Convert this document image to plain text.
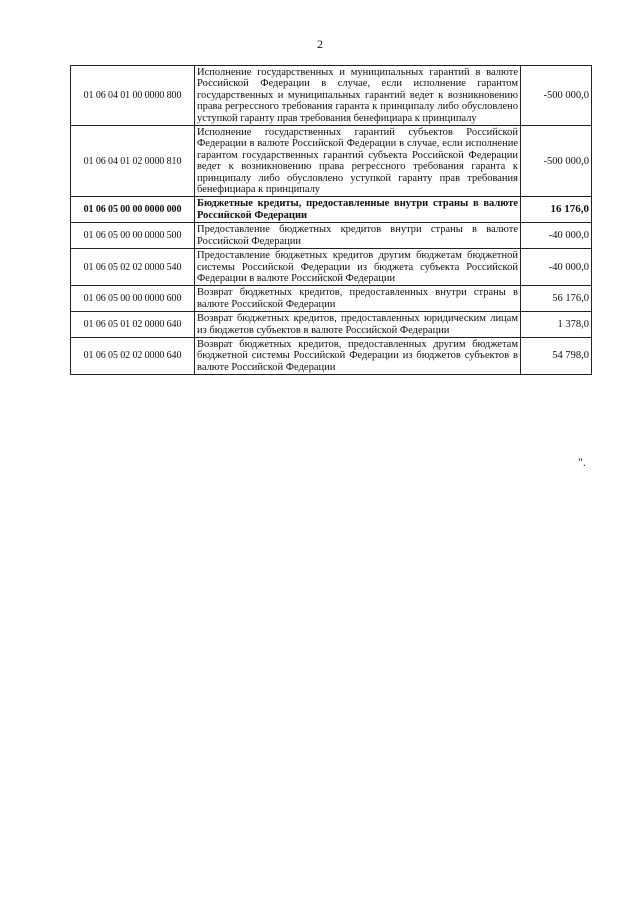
2
01 06 04 01 00 0000 800	Исполнение государственных и муниципальных гарантий в валюте Российской Федерации в случае, если исполнение гарантом государственных и муниципальных гарантий ведет к возникновению права регрессного требования гаранта к принципалу либо обусловлено уступкой гаранту прав требования бенефициара к принципалу	-500 000,0
01 06 04 01 02 0000 810	Исполнение государственных гарантий субъектов Российской Федерации в валюте Российской Федерации в случае, если исполнение гарантом государственных гарантий субъекта Российской Федерации ведет к возникновению права регрессного требования гаранта к принципалу либо обусловлено уступкой гаранту прав требования бенефициара к принципалу	-500 000,0
01 06 05 00 00 0000 000	Бюджетные кредиты, предоставленные внутри страны в валюте Российской Федерации	16 176,0
01 06 05 00 00 0000 500	Предоставление бюджетных кредитов внутри страны в валюте Российской Федерации	-40 000,0
01 06 05 02 02 0000 540	Предоставление бюджетных кредитов другим бюджетам бюджетной системы Российской Федерации из бюджета субъекта Российской Федерации в валюте Российской Федерации	-40 000,0
01 06 05 00 00 0000 600	Возврат бюджетных кредитов, предоставленных внутри страны в валюте Российской Федерации	56 176,0
01 06 05 01 02 0000 640	Возврат бюджетных кредитов, предоставленных юридическим лицам из бюджетов субъектов в валюте Российской Федерации	1 378,0
01 06 05 02 02 0000 640	Возврат бюджетных кредитов, предоставленных другим бюджетам бюджетной системы Российской Федерации из бюджетов субъектов в валюте Российской Федерации	54 798,0
".
